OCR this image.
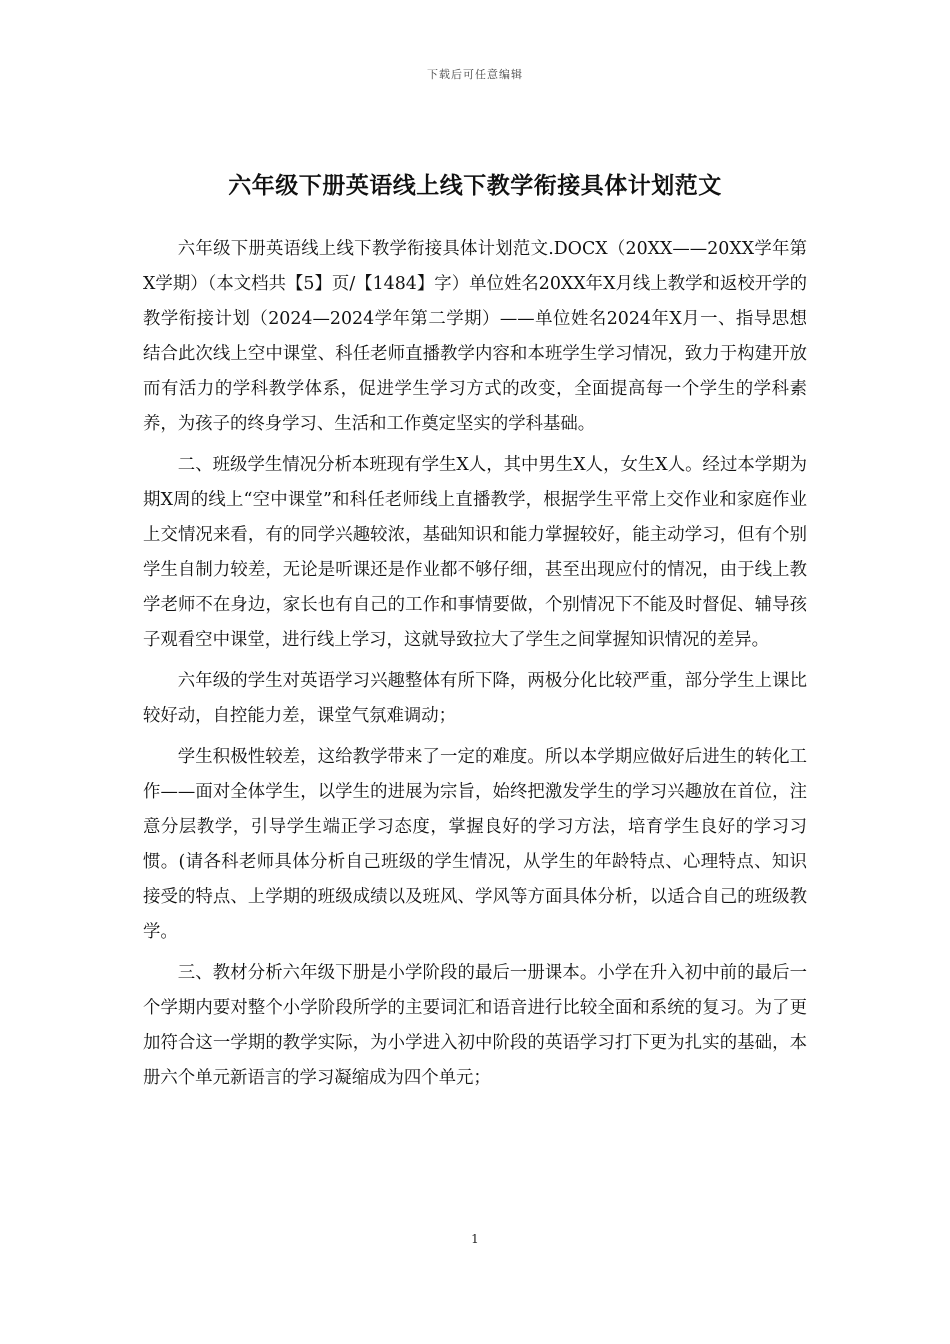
下载后可任意编辑
六年级下册英语线上线下教学衔接具体计划范文

六年级下册英语线上线下教学衔接具体计划范文.DOCX（20XX——20XX学年第X学期）（本文档共【5】页/【1484】字）单位姓名20XX年X月线上教学和返校开学的教学衔接计划（2024—2024学年第二学期）——单位姓名2024年X月一、指导思想结合此次线上空中课堂、科任老师直播教学内容和本班学生学习情况，致力于构建开放而有活力的学科教学体系，促进学生学习方式的改变，全面提高每一个学生的学科素养，为孩子的终身学习、生活和工作奠定坚实的学科基础。

二、班级学生情况分析本班现有学生X人，其中男生X人，女生X人。经过本学期为期X周的线上“空中课堂”和科任老师线上直播教学，根据学生平常上交作业和家庭作业上交情况来看，有的同学兴趣较浓，基础知识和能力掌握较好，能主动学习，但有个别学生自制力较差，无论是听课还是作业都不够仔细，甚至出现应付的情况，由于线上教学老师不在身边，家长也有自己的工作和事情要做，个别情况下不能及时督促、辅导孩子观看空中课堂，进行线上学习，这就导致拉大了学生之间掌握知识情况的差异。

六年级的学生对英语学习兴趣整体有所下降，两极分化比较严重，部分学生上课比较好动，自控能力差，课堂气氛难调动；

学生积极性较差，这给教学带来了一定的难度。所以本学期应做好后进生的转化工作——面对全体学生，以学生的进展为宗旨，始终把激发学生的学习兴趣放在首位，注意分层教学，引导学生端正学习态度，掌握良好的学习方法，培育学生良好的学习习惯。(请各科老师具体分析自己班级的学生情况，从学生的年龄特点、心理特点、知识接受的特点、上学期的班级成绩以及班风、学风等方面具体分析，以适合自己的班级教学。

三、教材分析六年级下册是小学阶段的最后一册课本。小学在升入初中前的最后一个学期内要对整个小学阶段所学的主要词汇和语音进行比较全面和系统的复习。为了更加符合这一学期的教学实际，为小学进入初中阶段的英语学习打下更为扎实的基础，本册六个单元新语言的学习凝缩成为四个单元；

1
